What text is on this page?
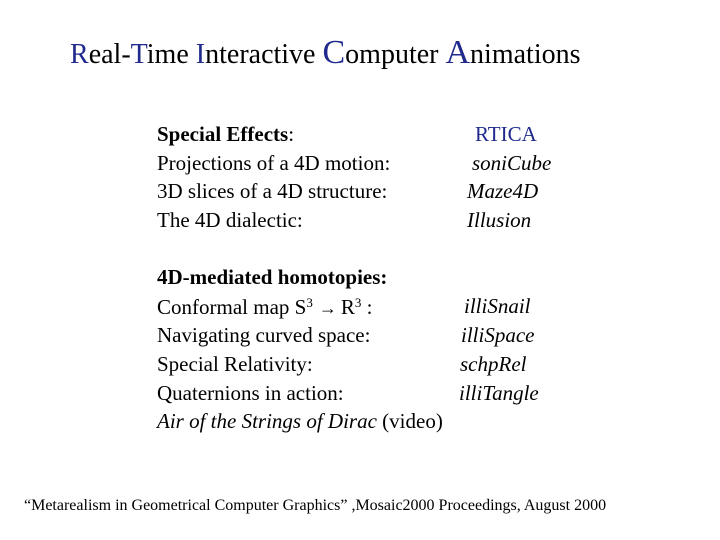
Real-Time Interactive Computer Animations
Special Effects:	RTICA
Projections of a 4D motion:	soniCube
3D slices of a 4D structure:	Maze4D
The 4D dialectic:	Illusion
4D-mediated homotopies:
Conformal map $S^3 \to R^3$ :	illiSnail
Navigating curved space:	illiSpace
Special Relativity:	schpRel
Quaternions in action:	illiTangle
Air of the Strings of Dirac (video)
“Metarealism in Geometrical Computer Graphics” ,Mosaic2000 Proceedings, August 2000
